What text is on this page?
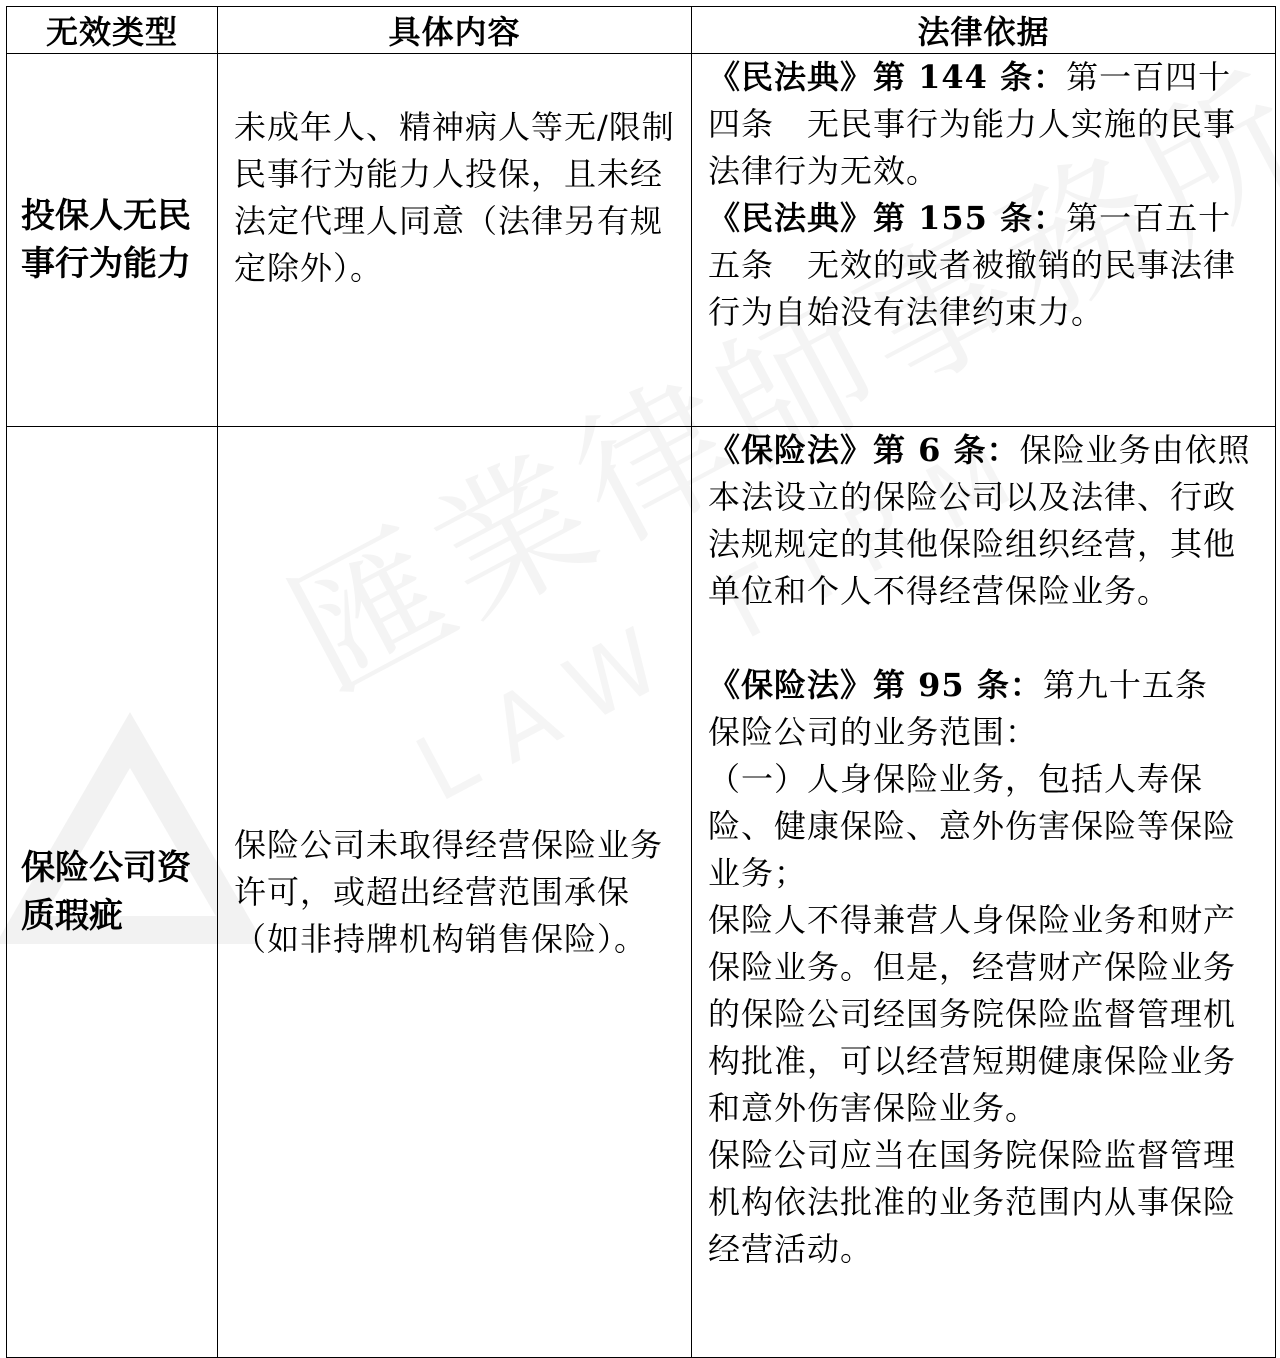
无效类型	具体内容	法律依据
投保人无民事行为能力	未成年人、精神病人等无/限制民事行为能力人投保，且未经法定代理人同意（法律另有规定除外）。	《民法典》第 144 条：第一百四十四条　无民事行为能力人实施的民事法律行为无效。

《民法典》第 155 条：第一百五十五条　无效的或者被撤销的民事法律行为自始没有法律约束力。

保险公司资质瑕疵	保险公司未取得经营保险业务许可，或超出经营范围承保（如非持牌机构销售保险）。	《保险法》第 6 条：保险业务由依照本法设立的保险公司以及法律、行政法规规定的其他保险组织经营，其他单位和个人不得经营保险业务。

《保险法》第 95 条：第九十五条　保险公司的业务范围：

（一）人身保险业务，包括人寿保险、健康保险、意外伤害保险等保险业务；

保险人不得兼营人身保险业务和财产保险业务。但是，经营财产保险业务的保险公司经国务院保险监督管理机构批准，可以经营短期健康保险业务和意外伤害保险业务。

保险公司应当在国务院保险监督管理机构依法批准的业务范围内从事保险经营活动。
